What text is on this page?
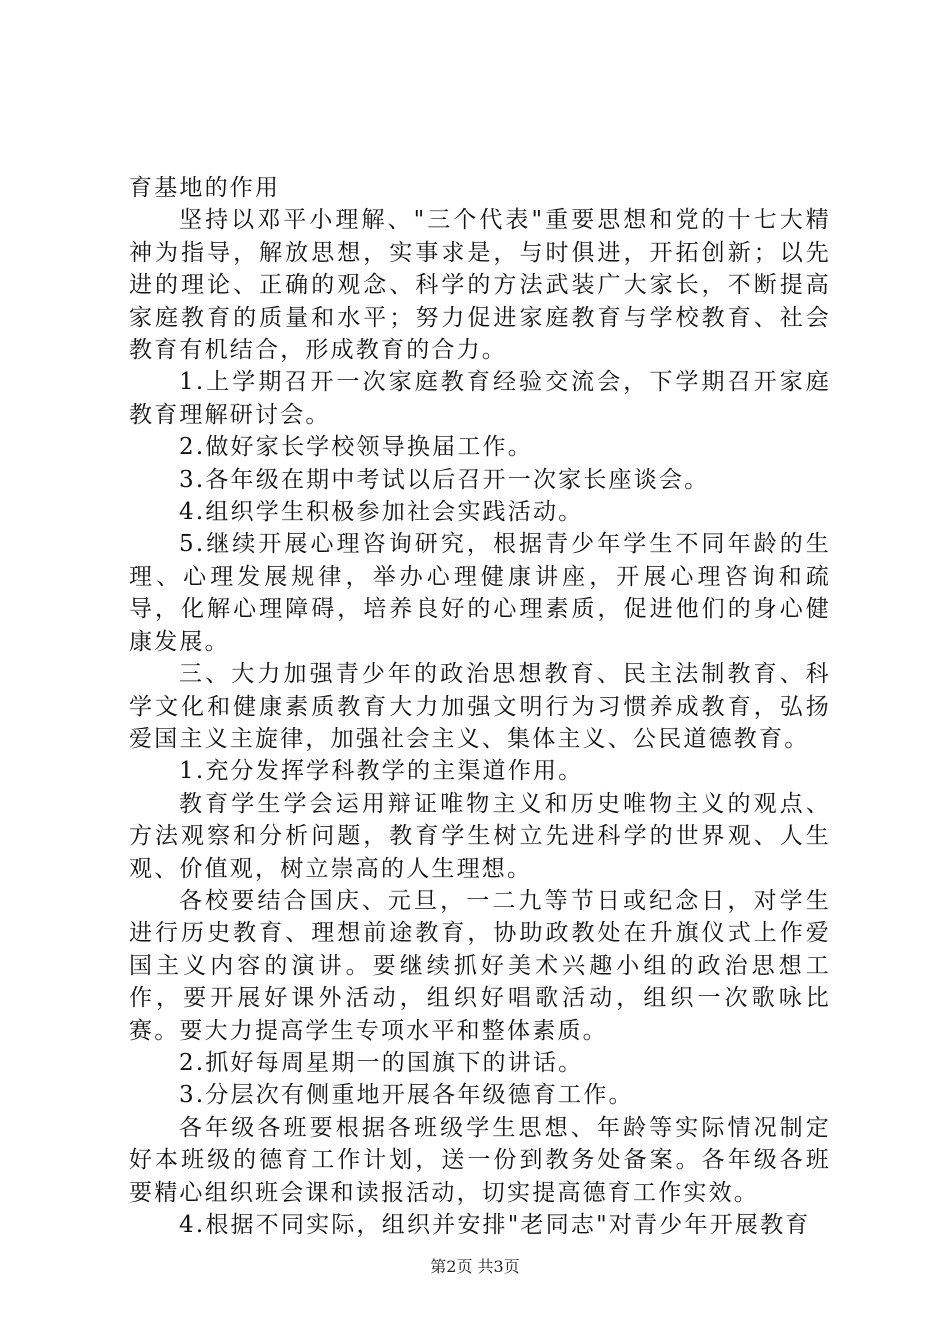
育基地的作用

坚持以邓平小理解、"三个代表"重要思想和党的十七大精神为指导，解放思想，实事求是，与时俱进，开拓创新；以先进的理论、正确的观念、科学的方法武装广大家长，不断提高家庭教育的质量和水平；努力促进家庭教育与学校教育、社会教育有机结合，形成教育的合力。

1.上学期召开一次家庭教育经验交流会，下学期召开家庭教育理解研讨会。

2.做好家长学校领导换届工作。

3.各年级在期中考试以后召开一次家长座谈会。

4.组织学生积极参加社会实践活动。

5.继续开展心理咨询研究，根据青少年学生不同年龄的生理、心理发展规律，举办心理健康讲座，开展心理咨询和疏导，化解心理障碍，培养良好的心理素质，促进他们的身心健康发展。

三、大力加强青少年的政治思想教育、民主法制教育、科学文化和健康素质教育大力加强文明行为习惯养成教育，弘扬爱国主义主旋律，加强社会主义、集体主义、公民道德教育。

1.充分发挥学科教学的主渠道作用。

教育学生学会运用辩证唯物主义和历史唯物主义的观点、方法观察和分析问题，教育学生树立先进科学的世界观、人生观、价值观，树立崇高的人生理想。

各校要结合国庆、元旦，一二九等节日或纪念日，对学生进行历史教育、理想前途教育，协助政教处在升旗仪式上作爱国主义内容的演讲。要继续抓好美术兴趣小组的政治思想工作，要开展好课外活动，组织好唱歌活动，组织一次歌咏比赛。要大力提高学生专项水平和整体素质。

2.抓好每周星期一的国旗下的讲话。

3.分层次有侧重地开展各年级德育工作。

各年级各班要根据各班级学生思想、年龄等实际情况制定好本班级的德育工作计划，送一份到教务处备案。各年级各班要精心组织班会课和读报活动，切实提高德育工作实效。

4.根据不同实际，组织并安排"老同志"对青少年开展教育

第2页 共3页
